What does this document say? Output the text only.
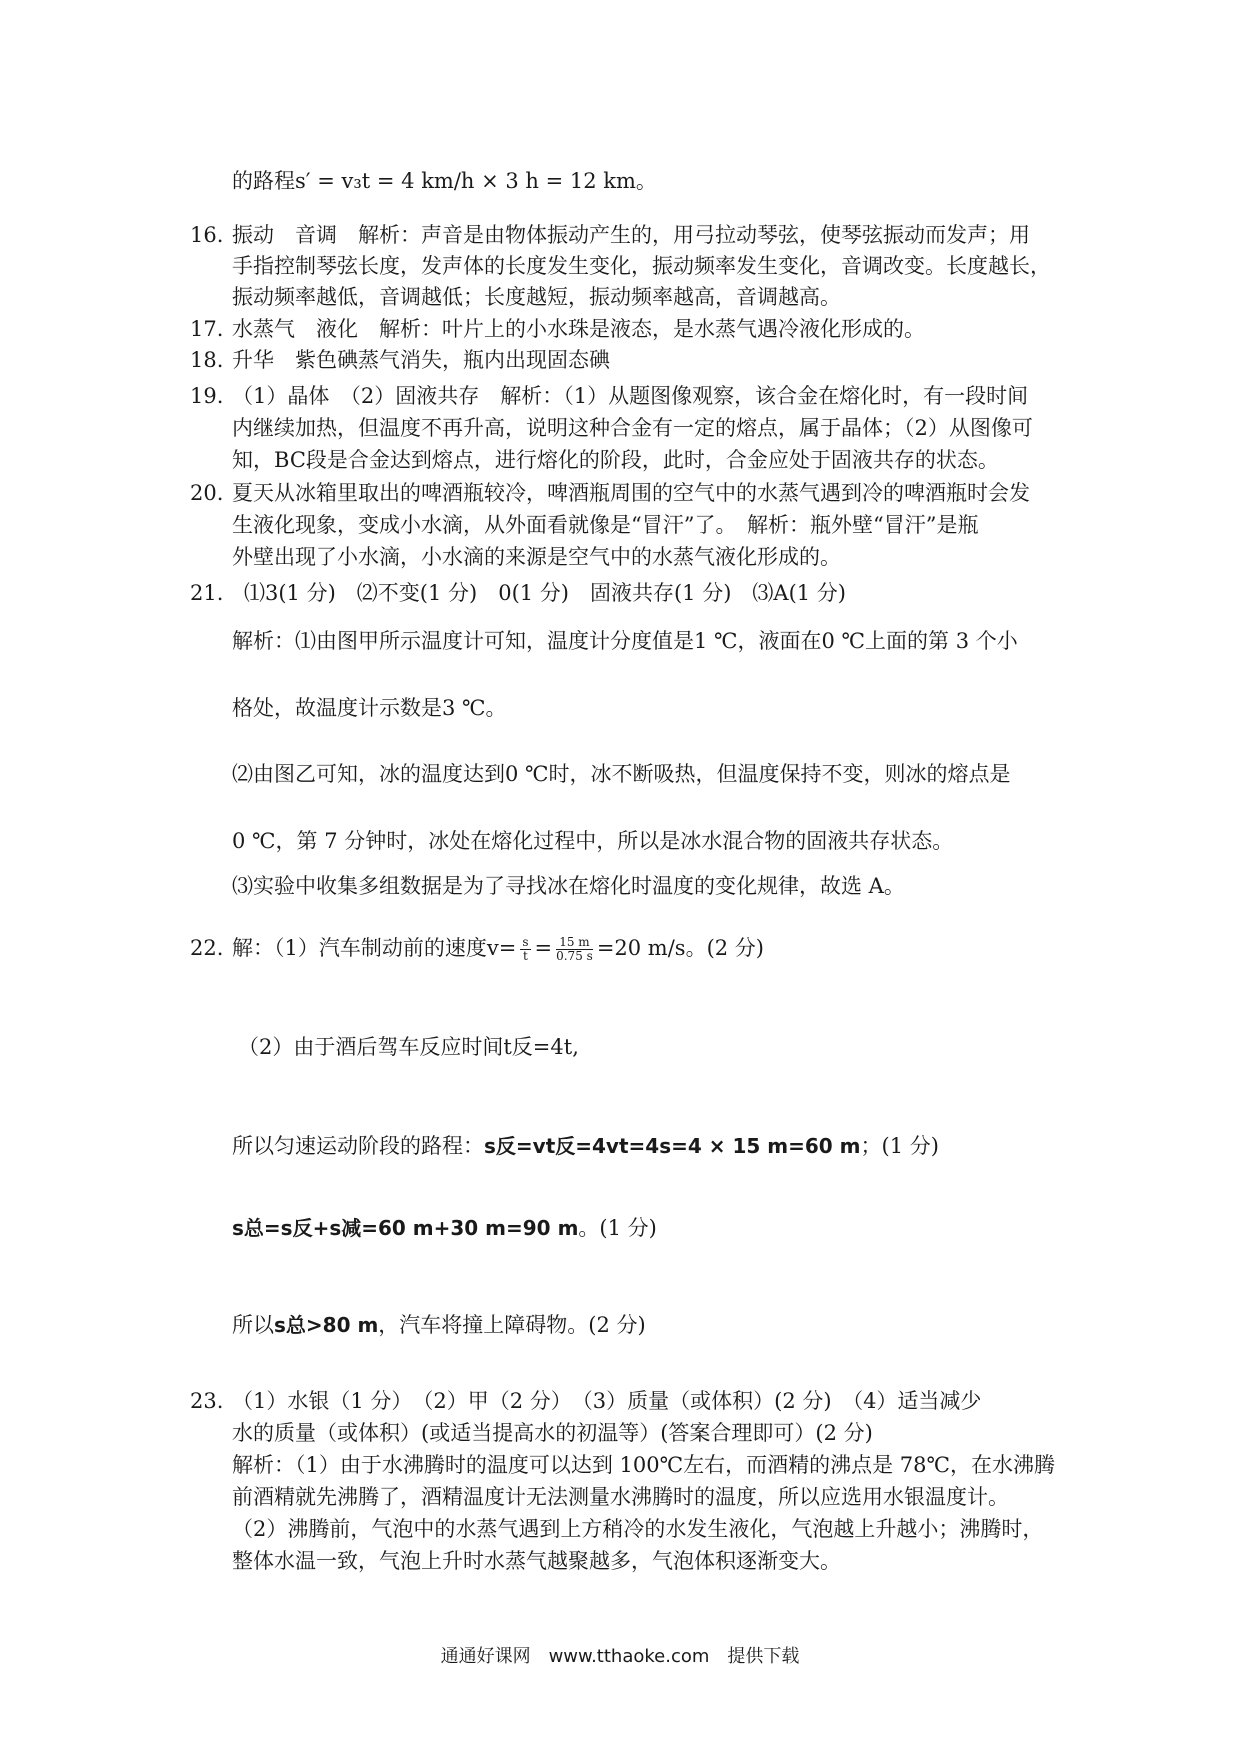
的路程s′ = v₃t = 4 km/h × 3 h = 12 km。
16. 振动　音调　解析：声音是由物体振动产生的，用弓拉动琴弦，使琴弦振动而发声；用
手指控制琴弦长度，发声体的长度发生变化，振动频率发生变化，音调改变。长度越长，
振动频率越低，音调越低；长度越短，振动频率越高，音调越高。
17. 水蒸气　液化　解析：叶片上的小水珠是液态，是水蒸气遇冷液化形成的。
18. 升华　紫色碘蒸气消失，瓶内出现固态碘
19. （1）晶体　（2）固液共存　解析：（1）从题图像观察，该合金在熔化时，有一段时间
内继续加热，但温度不再升高，说明这种合金有一定的熔点，属于晶体；（2）从图像可
知，BC段是合金达到熔点，进行熔化的阶段，此时，合金应处于固液共存的状态。
20. 夏天从冰箱里取出的啤酒瓶较冷，啤酒瓶周围的空气中的水蒸气遇到冷的啤酒瓶时会发
生液化现象，变成小水滴，从外面看就像是“冒汗”了。　解析：瓶外壁“冒汗”是瓶
外壁出现了小水滴，小水滴的来源是空气中的水蒸气液化形成的。
21. ⑴3(1 分)　⑵不变(1 分)　0(1 分)　固液共存(1 分)　⑶A(1 分)
解析：⑴由图甲所示温度计可知，温度计分度值是1 ℃，液面在0 ℃上面的第 3 个小
格处，故温度计示数是3 ℃。
⑵由图乙可知，冰的温度达到0 ℃时，冰不断吸热，但温度保持不变，则冰的熔点是
0 ℃，第 7 分钟时，冰处在熔化过程中，所以是冰水混合物的固液共存状态。
⑶实验中收集多组数据是为了寻找冰在熔化时温度的变化规律，故选 A。
22. 解：（1）汽车制动前的速度$v= \frac{s}{t} = \frac{15 m}{0.75 s} =20$ m/s。(2 分)
（2）由于酒后驾车反应时间t反=4t,
所以匀速运动阶段的路程：s反=vt反=4vt=4s=4 × 15 m=60 m；(1 分)
s总=s反+s减=60 m+30 m=90 m。(1 分)
所以s总>80 m，汽车将撞上障碍物。(2 分)
23. （1）水银（1 分）　（2）甲（2 分）　（3）质量（或体积）(2 分)　（4）适当减少
水的质量（或体积）(或适当提高水的初温等）(答案合理即可）(2 分)
解析：（1）由于水沸腾时的温度可以达到 100℃左右，而酒精的沸点是 78℃，在水沸腾
前酒精就先沸腾了，酒精温度计无法测量水沸腾时的温度，所以应选用水银温度计。
（2）沸腾前，气泡中的水蒸气遇到上方稍冷的水发生液化，气泡越上升越小；沸腾时，
整体水温一致，气泡上升时水蒸气越聚越多，气泡体积逐渐变大。
通通好课网　www.tthaoke.com　提供下载
